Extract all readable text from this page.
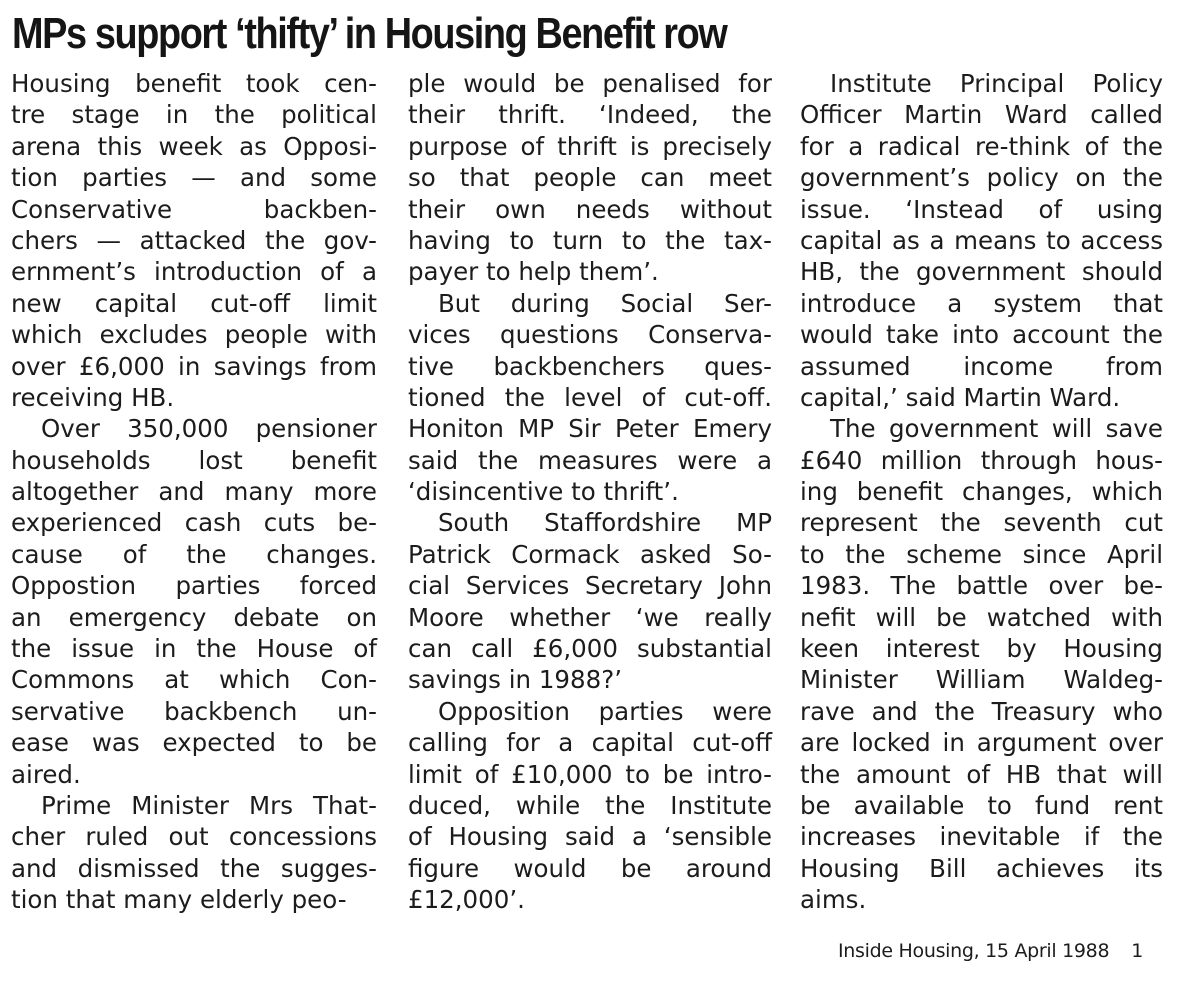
MPs support ‘thifty’ in Housing Benefit row
Housing benefit took cen-
tre stage in the political
arena this week as Opposi-
tion parties — and some
Conservative backben-
chers — attacked the gov-
ernment’s introduction of a
new capital cut-off limit
which excludes people with
over £6,000 in savings from
receiving HB.
Over 350,000 pensioner
households lost benefit
altogether and many more
experienced cash cuts be-
cause of the changes.
Oppostion parties forced
an emergency debate on
the issue in the House of
Commons at which Con-
servative backbench un-
ease was expected to be
aired.
Prime Minister Mrs That-
cher ruled out concessions
and dismissed the sugges-
tion that many elderly peo-
ple would be penalised for
their thrift. ‘Indeed, the
purpose of thrift is precisely
so that people can meet
their own needs without
having to turn to the tax-
payer to help them’.
But during Social Ser-
vices questions Conserva-
tive backbenchers ques-
tioned the level of cut-off.
Honiton MP Sir Peter Emery
said the measures were a
‘disincentive to thrift’.
South Staffordshire MP
Patrick Cormack asked So-
cial Services Secretary John
Moore whether ‘we really
can call £6,000 substantial
savings in 1988?’
Opposition parties were
calling for a capital cut-off
limit of £10,000 to be intro-
duced, while the Institute
of Housing said a ‘sensible
figure would be around
£12,000’.
Institute Principal Policy
Officer Martin Ward called
for a radical re-think of the
government’s policy on the
issue. ‘Instead of using
capital as a means to access
HB, the government should
introduce a system that
would take into account the
assumed income from
capital,’ said Martin Ward.
The government will save
£640 million through hous-
ing benefit changes, which
represent the seventh cut
to the scheme since April
1983. The battle over be-
nefit will be watched with
keen interest by Housing
Minister William Waldeg-
rave and the Treasury who
are locked in argument over
the amount of HB that will
be available to fund rent
increases inevitable if the
Housing Bill achieves its
aims.
Inside Housing, 15 April 1988 1
